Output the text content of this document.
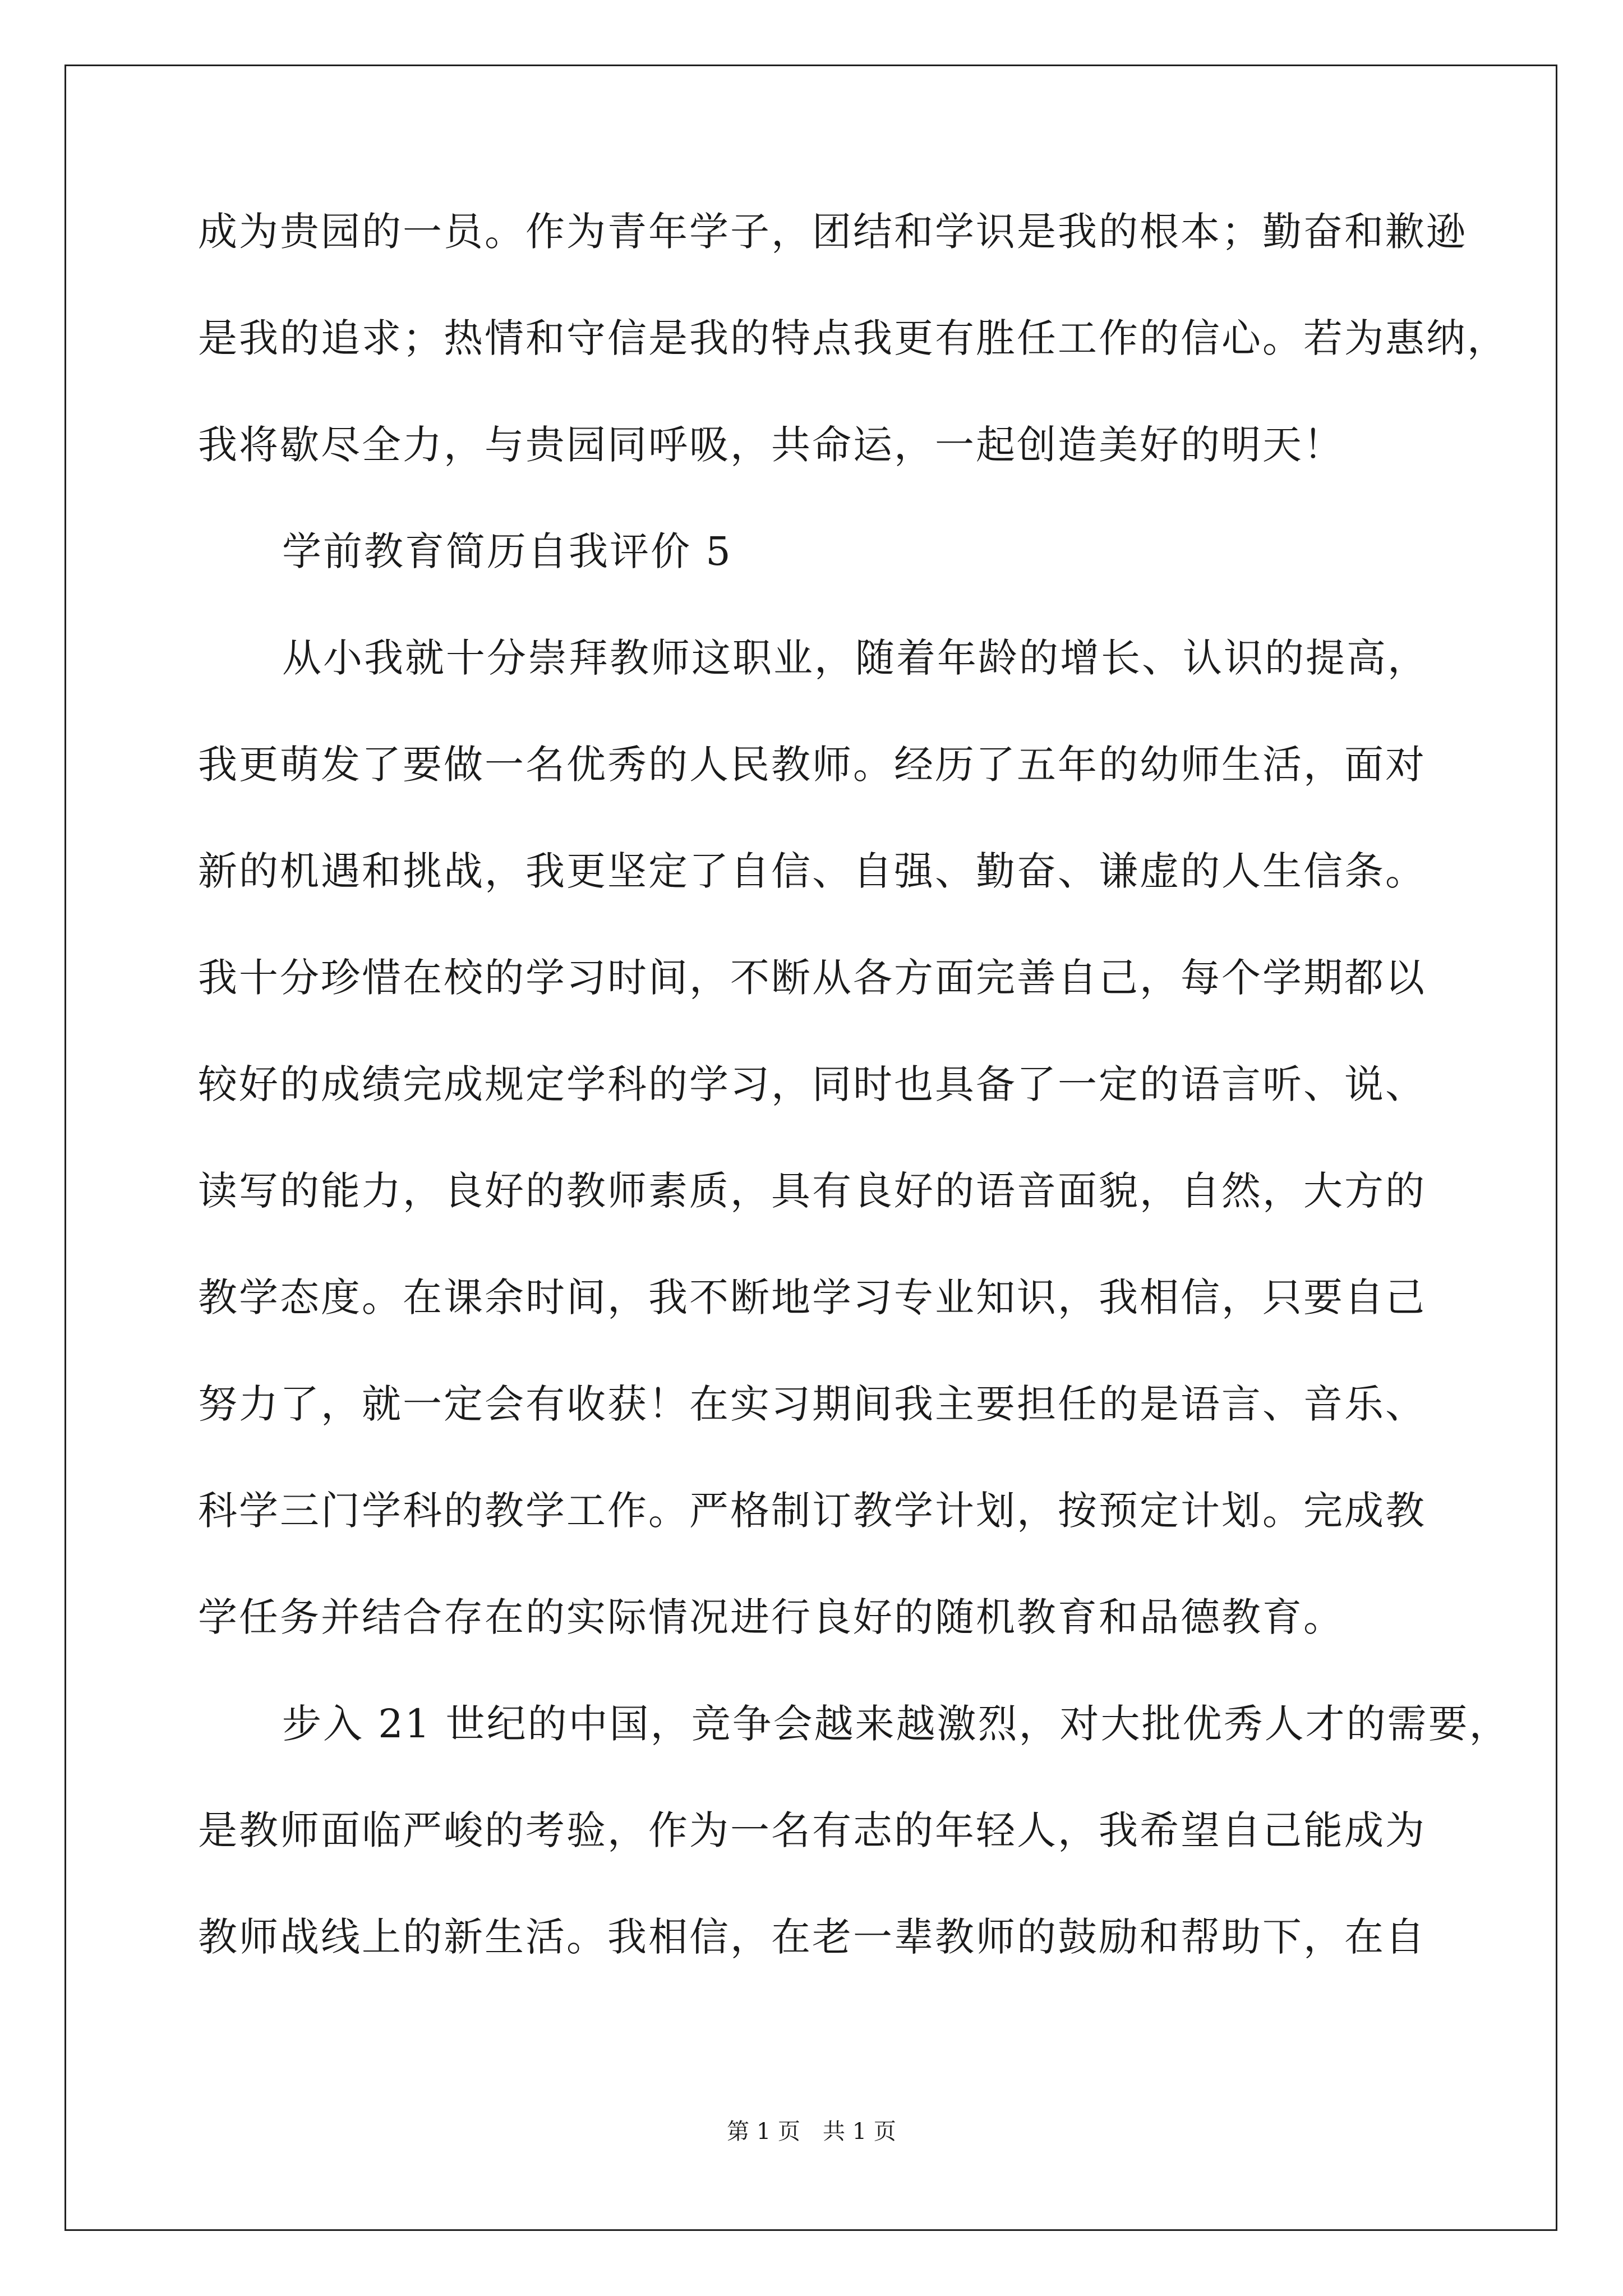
成为贵园的一员。作为青年学子，团结和学识是我的根本；勤奋和歉逊
是我的追求；热情和守信是我的特点我更有胜任工作的信心。若为惠纳，
我将歇尽全力，与贵园同呼吸，共命运，一起创造美好的明天！
学前教育简历自我评价 5
从小我就十分崇拜教师这职业，随着年龄的增长、认识的提高，
我更萌发了要做一名优秀的人民教师。经历了五年的幼师生活，面对
新的机遇和挑战，我更坚定了自信、自强、勤奋、谦虚的人生信条。
我十分珍惜在校的学习时间，不断从各方面完善自己，每个学期都以
较好的成绩完成规定学科的学习，同时也具备了一定的语言听、说、
读写的能力，良好的教师素质，具有良好的语音面貌，自然，大方的
教学态度。在课余时间，我不断地学习专业知识，我相信，只要自己
努力了，就一定会有收获！在实习期间我主要担任的是语言、音乐、
科学三门学科的教学工作。严格制订教学计划，按预定计划。完成教
学任务并结合存在的实际情况进行良好的随机教育和品德教育。
步入 21 世纪的中国，竞争会越来越激烈，对大批优秀人才的需要，
是教师面临严峻的考验，作为一名有志的年轻人，我希望自己能成为
教师战线上的新生活。我相信，在老一辈教师的鼓励和帮助下，在自
第 1 页　共 1 页
